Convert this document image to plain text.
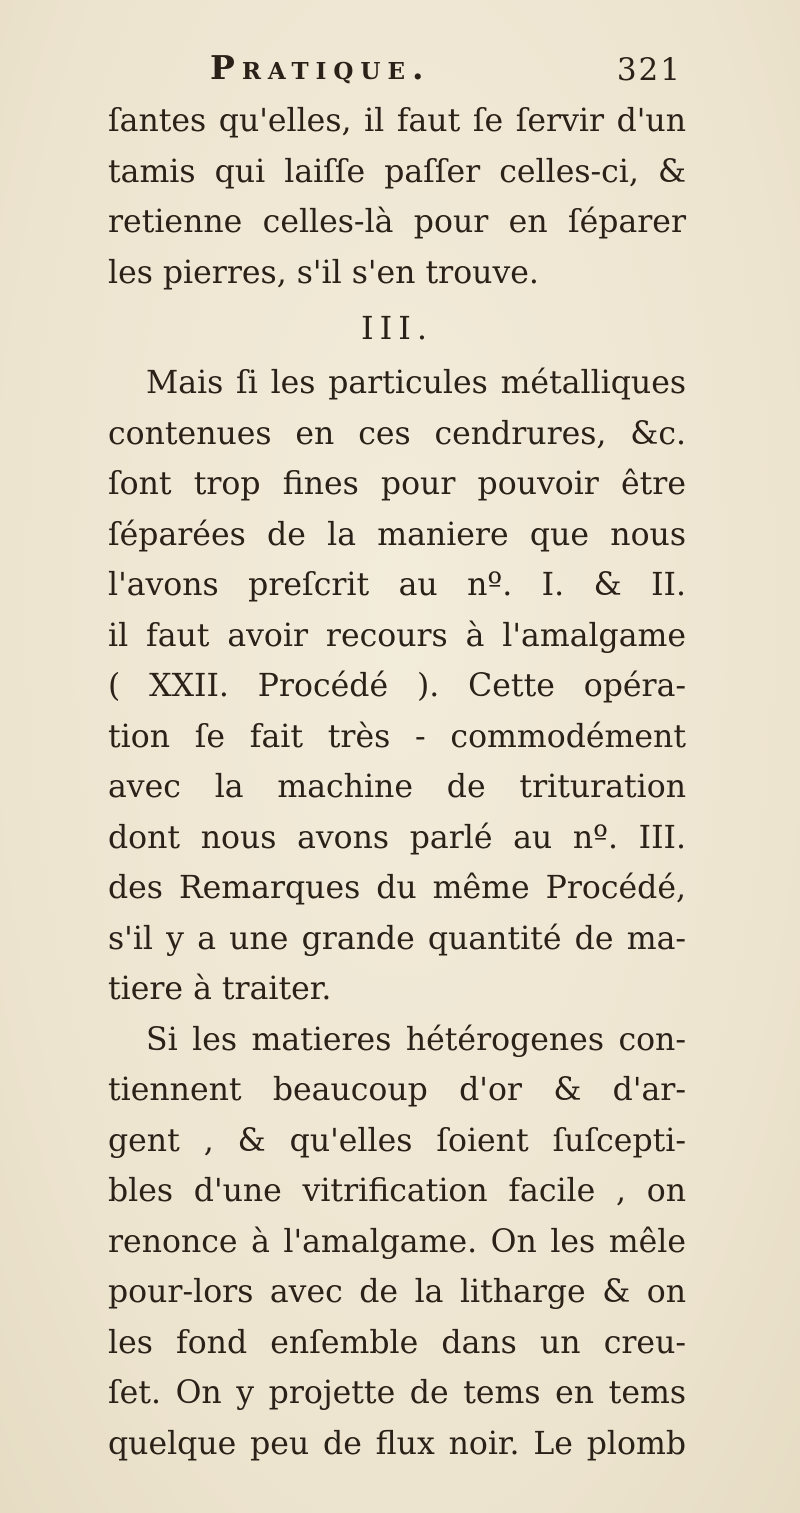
Pratique.	321
ſantes qu'elles, il faut ſe ſervir d'un
tamis qui laiſſe paſſer celles-ci, &
retienne celles-là pour en ſéparer
les pierres, s'il s'en trouve.
III.
Mais ſi les particules métalliques
contenues en ces cendrures, &c.
ſont trop fines pour pouvoir être
ſéparées de la maniere que nous
l'avons preſcrit au nº. I. & II.
il faut avoir recours à l'amalgame
( XXII. Procédé ). Cette opéra-
tion ſe fait très - commodément
avec la machine de trituration
dont nous avons parlé au nº. III.
des Remarques du même Procédé,
s'il y a une grande quantité de ma-
tiere à traiter.
Si les matieres hétérogenes con-
tiennent beaucoup d'or & d'ar-
gent , & qu'elles ſoient ſuſcepti-
bles d'une vitrification facile , on
renonce à l'amalgame. On les mêle
pour-lors avec de la litharge & on
les fond enſemble dans un creu-
ſet. On y projette de tems en tems
quelque peu de flux noir. Le plomb
